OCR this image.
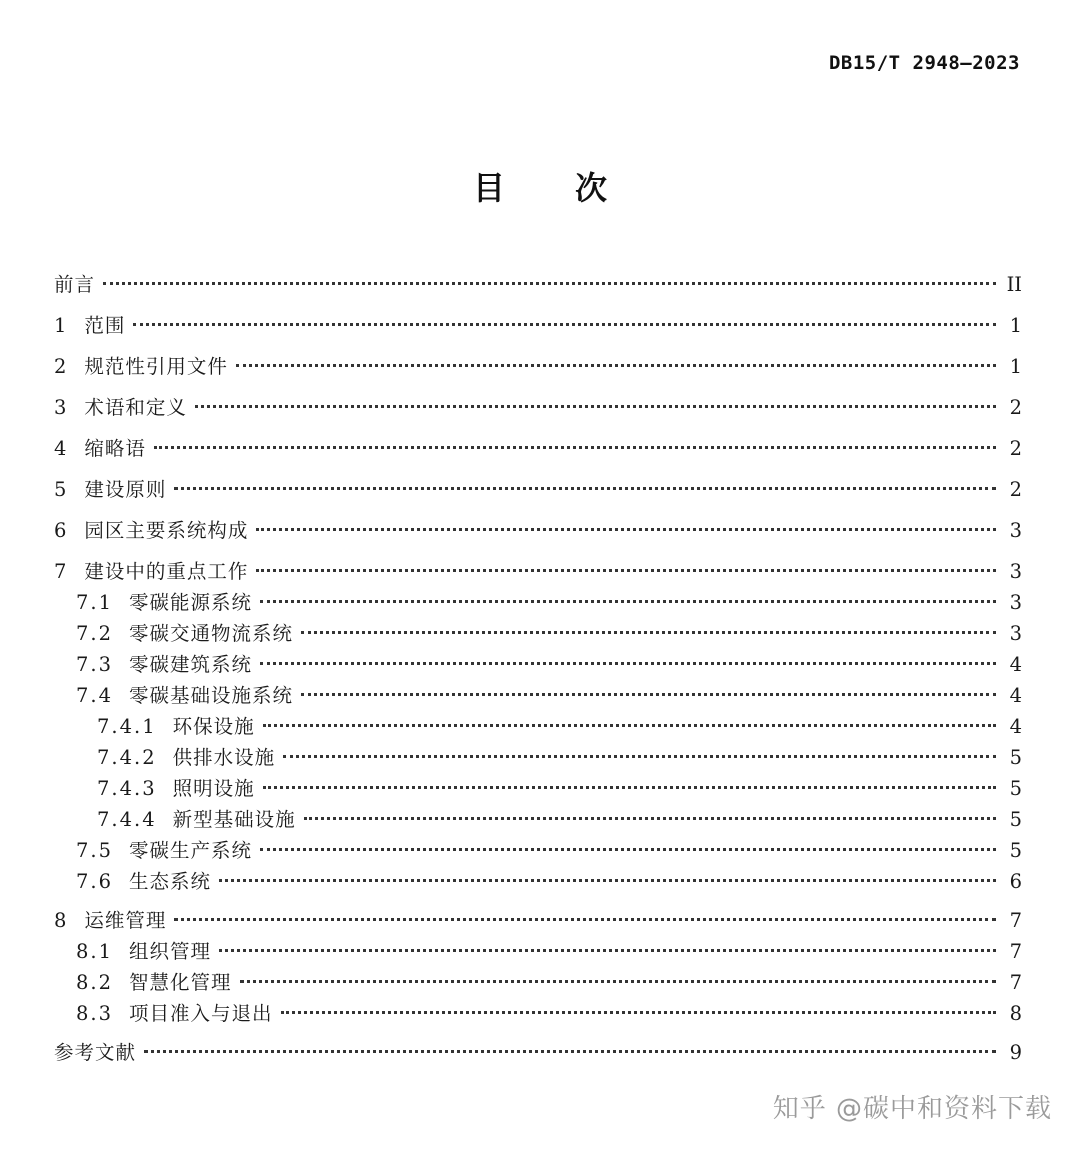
DB15/T 2948—2023
目 次
前言	II
1 范围	1
2 规范性引用文件	1
3 术语和定义	2
4 缩略语	2
5 建设原则	2
6 园区主要系统构成	3
7 建设中的重点工作	3
7.1 零碳能源系统	3
7.2 零碳交通物流系统	3
7.3 零碳建筑系统	4
7.4 零碳基础设施系统	4
7.4.1 环保设施	4
7.4.2 供排水设施	5
7.4.3 照明设施	5
7.4.4 新型基础设施	5
7.5 零碳生产系统	5
7.6 生态系统	6
8 运维管理	7
8.1 组织管理	7
8.2 智慧化管理	7
8.3 项目准入与退出	8
参考文献	9
知乎 @碳中和资料下载
